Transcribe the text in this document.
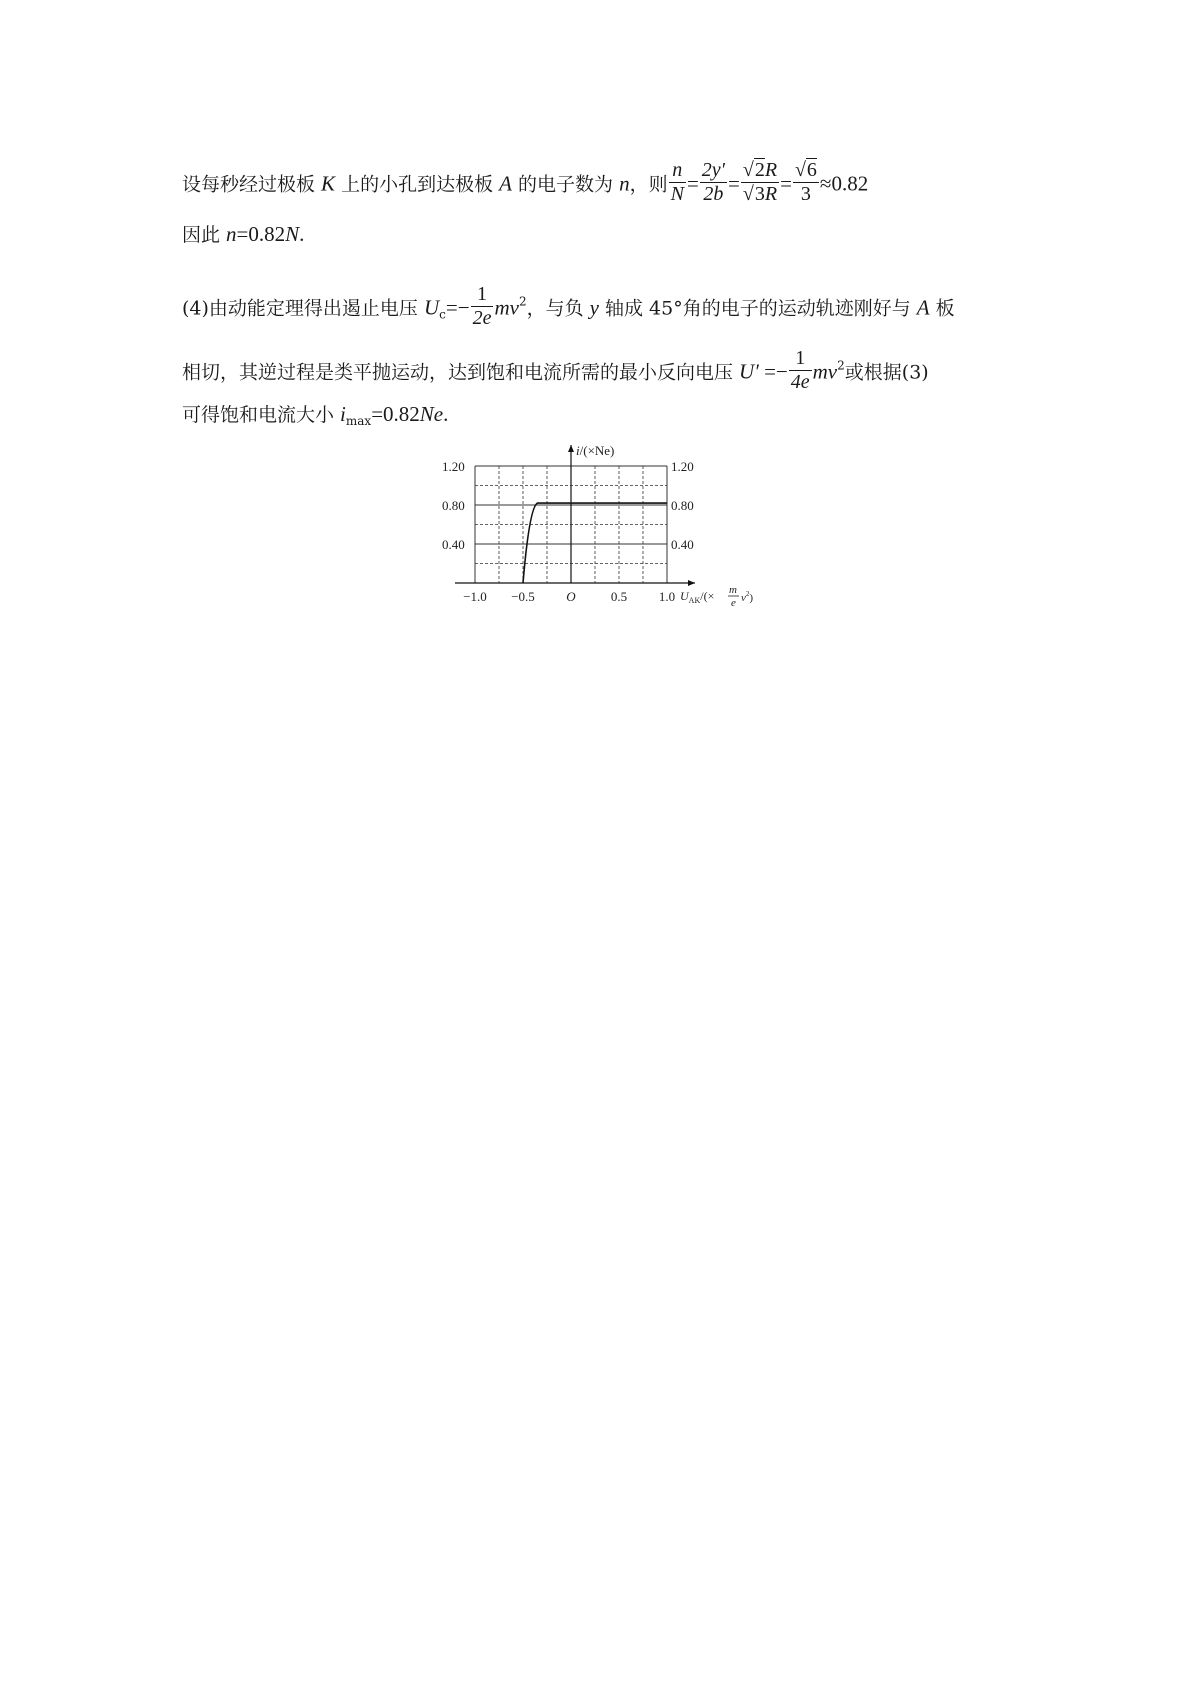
设每秒经过极板 K 上的小孔到达极板 A 的电子数为 n，则 $\frac{n}{N} = \frac{2y'}{2b} = \frac{√2R}{√3R} = \frac{√6}{3} \approx 0.82$
因此 n=0.82N.
(4)由动能定理得出遏止电压 $U_c=- \frac{1}{2e} mv^2$，与负 y 轴成 45°角的电子的运动轨迹刚好与 A 板
相切，其逆过程是类平抛运动，达到饱和电流所需的最小反向电压 $U' =- \frac{1}{4e} mv^2$或根据(3)
可得饱和电流大小 $i_{max}=0.82Ne$.
i/(×Ne)
1.20	1.20
0.80	0.80
0.40	0.40
−1.0 −0.5 O	0.5 1.0 $U_{AK}/(\times m$
e $v^2$)
